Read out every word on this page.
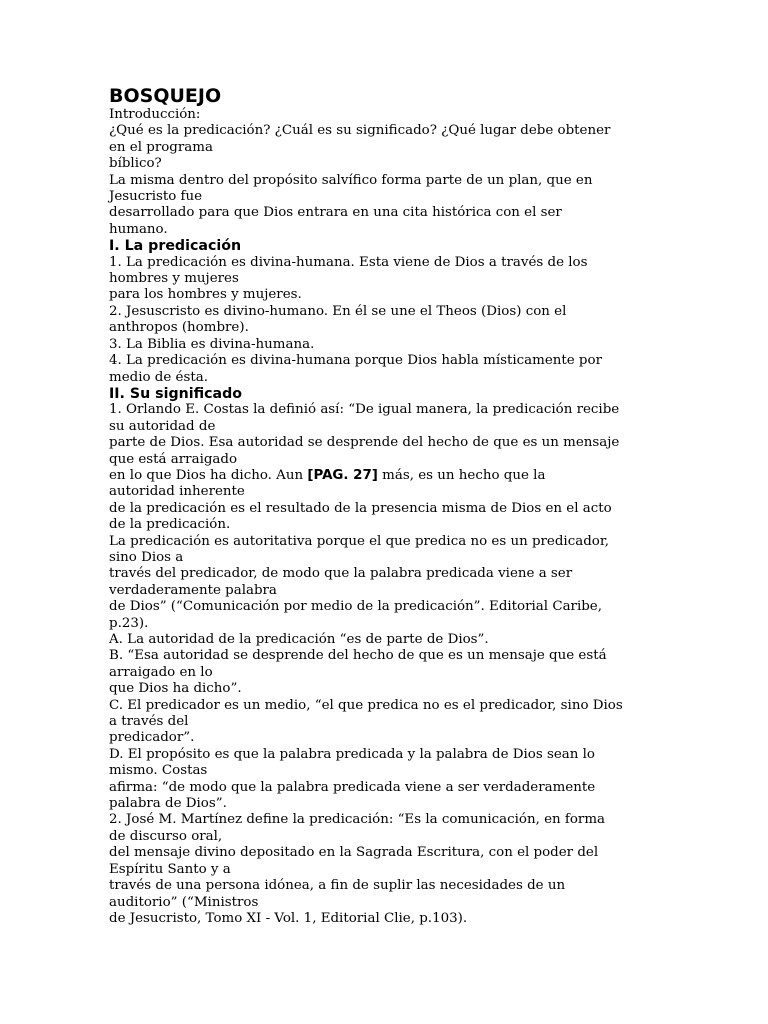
BOSQUEJO

Introducción:

¿Qué es la predicación? ¿Cuál es su significado? ¿Qué lugar debe obtener

en el programa

bíblico?

La misma dentro del propósito salvífico forma parte de un plan, que en

Jesucristo fue

desarrollado para que Dios entrara en una cita histórica con el ser

humano.

I. La predicación

1. La predicación es divina-humana. Esta viene de Dios a través de los

hombres y mujeres

para los hombres y mujeres.

2. Jesuscristo es divino-humano. En él se une el Theos (Dios) con el

anthropos (hombre).

3. La Biblia es divina-humana.

4. La predicación es divina-humana porque Dios habla místicamente por

medio de ésta.

II. Su significado

1. Orlando E. Costas la definió así: “De igual manera, la predicación recibe

su autoridad de

parte de Dios. Esa autoridad se desprende del hecho de que es un mensaje

que está arraigado

en lo que Dios ha dicho. Aun [PAG. 27] más, es un hecho que la

autoridad inherente

de la predicación es el resultado de la presencia misma de Dios en el acto

de la predicación.

La predicación es autoritativa porque el que predica no es un predicador,

sino Dios a

través del predicador, de modo que la palabra predicada viene a ser

verdaderamente palabra

de Dios” (“Comunicación por medio de la predicación”. Editorial Caribe,

p.23).

A. La autoridad de la predicación “es de parte de Dios”.

B. “Esa autoridad se desprende del hecho de que es un mensaje que está

arraigado en lo

que Dios ha dicho”.

C. El predicador es un medio, “el que predica no es el predicador, sino Dios

a través del

predicador”.

D. El propósito es que la palabra predicada y la palabra de Dios sean lo

mismo. Costas

afirma: “de modo que la palabra predicada viene a ser verdaderamente

palabra de Dios”.

2. José M. Martínez define la predicación: “Es la comunicación, en forma

de discurso oral,

del mensaje divino depositado en la Sagrada Escritura, con el poder del

Espíritu Santo y a

través de una persona idónea, a fin de suplir las necesidades de un

auditorio” (“Ministros

de Jesucristo, Tomo XI - Vol. 1, Editorial Clie, p.103).
